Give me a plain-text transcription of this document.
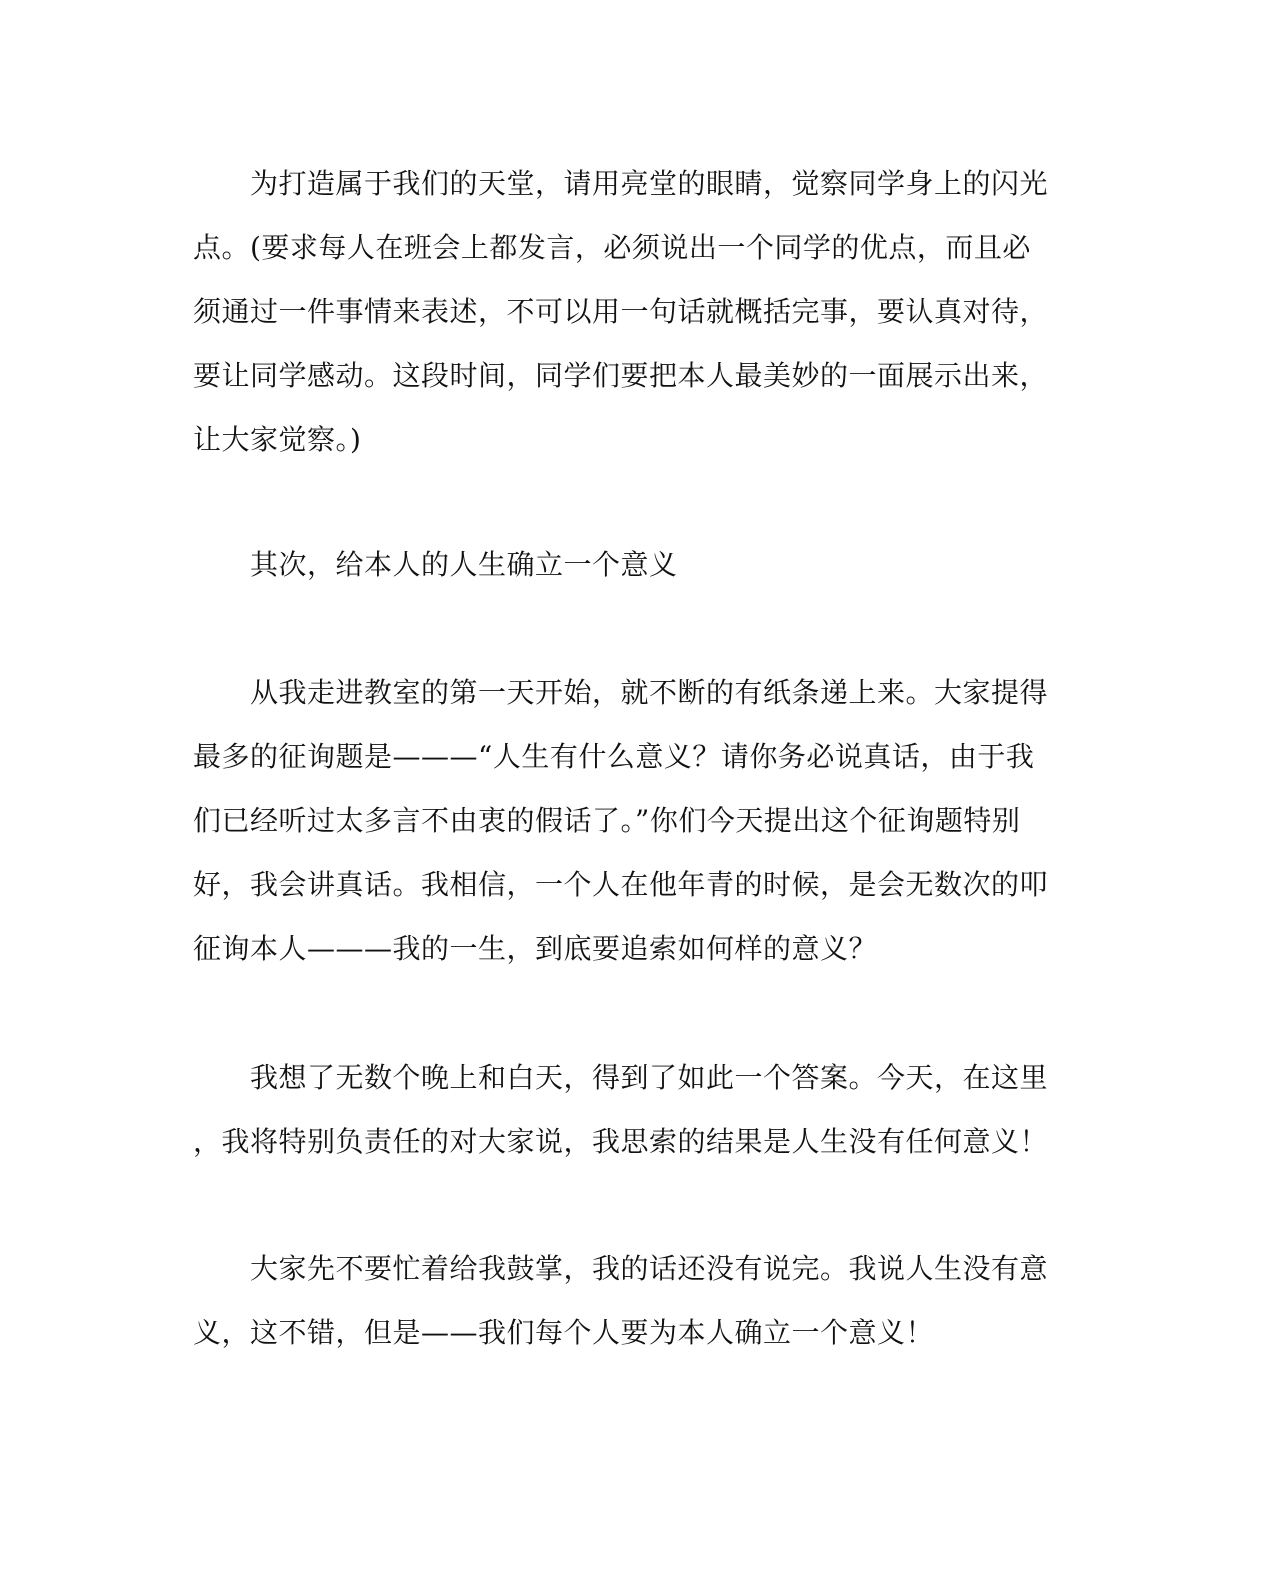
为打造属于我们的天堂，请用亮堂的眼睛，觉察同学身上的闪光
点。(要求每人在班会上都发言，必须说出一个同学的优点，而且必
须通过一件事情来表述，不可以用一句话就概括完事，要认真对待，
要让同学感动。这段时间，同学们要把本人最美妙的一面展示出来，
让大家觉察。)
其次，给本人的人生确立一个意义
从我走进教室的第一天开始，就不断的有纸条递上来。大家提得
最多的征询题是———“人生有什么意义？请你务必说真话，由于我
们已经听过太多言不由衷的假话了。”你们今天提出这个征询题特别
好，我会讲真话。我相信，一个人在他年青的时候，是会无数次的叩
征询本人———我的一生，到底要追索如何样的意义？
我想了无数个晚上和白天，得到了如此一个答案。今天，在这里
，我将特别负责任的对大家说，我思索的结果是人生没有任何意义！
大家先不要忙着给我鼓掌，我的话还没有说完。我说人生没有意
义，这不错，但是——我们每个人要为本人确立一个意义！
